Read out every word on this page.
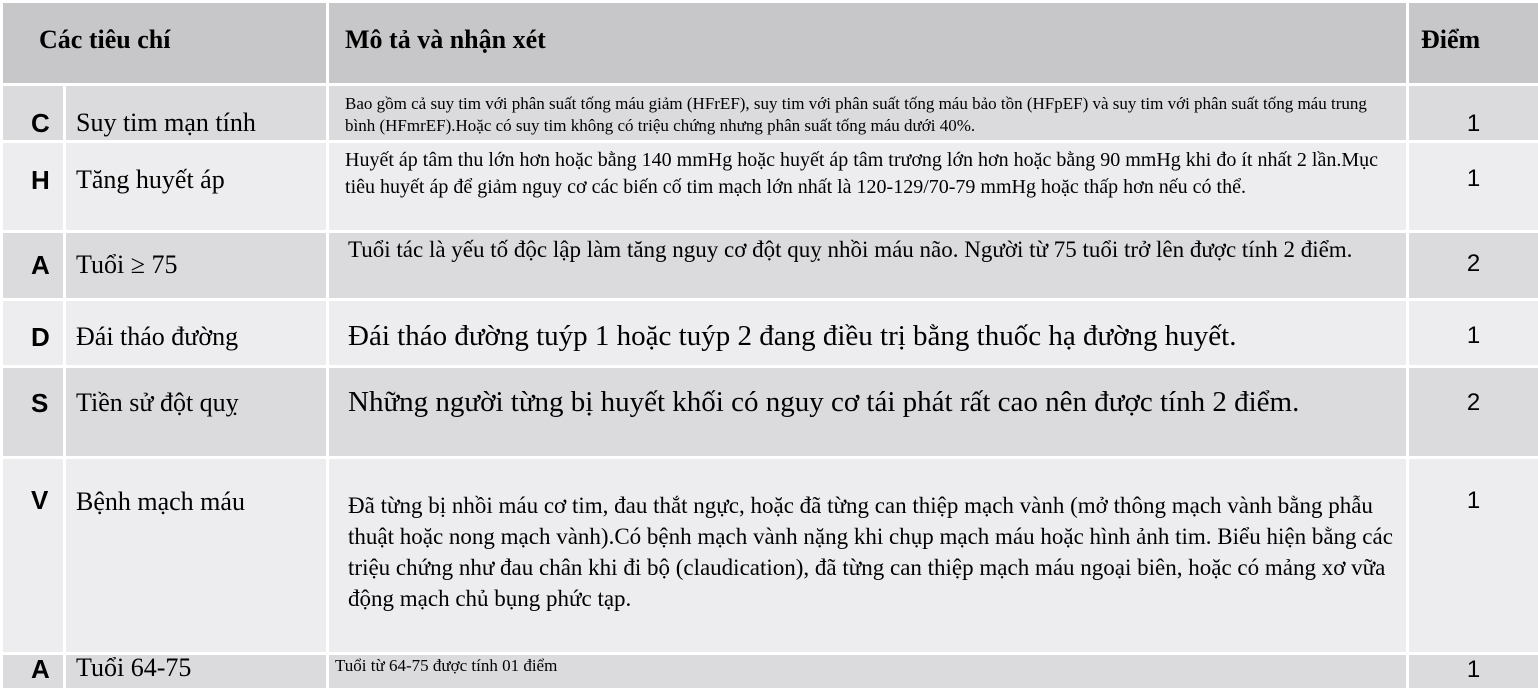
Các tiêu chí		Mô tả và nhận xét	Điểm
C	Suy tim mạn tính	Bao gồm cả suy tim với phân suất tống máu giảm (HFrEF), suy tim với phân suất tống máu bảo tồn (HFpEF) và suy tim với phân suất tống máu trung bình (HFmrEF).Hoặc có suy tim không có triệu chứng nhưng phân suất tống máu dưới 40%.	1
H	Tăng huyết áp	Huyết áp tâm thu lớn hơn hoặc bằng 140 mmHg hoặc huyết áp tâm trương lớn hơn hoặc bằng 90 mmHg khi đo ít nhất 2 lần.Mục tiêu huyết áp để giảm nguy cơ các biến cố tim mạch lớn nhất là 120-129/70-79 mmHg hoặc thấp hơn nếu có thể.	1
A	Tuổi ≥ 75	Tuổi tác là yếu tố độc lập làm tăng nguy cơ đột quỵ nhồi máu não. Người từ 75 tuổi trở lên được tính 2 điểm.	2
D	Đái tháo đường	Đái tháo đường tuýp 1 hoặc tuýp 2 đang điều trị bằng thuốc hạ đường huyết.	1
S	Tiền sử đột quỵ	Những người từng bị huyết khối có nguy cơ tái phát rất cao nên được tính 2 điểm.	2
V	Bệnh mạch máu	Đã từng bị nhồi máu cơ tim, đau thắt ngực, hoặc đã từng can thiệp mạch vành (mở thông mạch vành bằng phẫu thuật hoặc nong mạch vành).Có bệnh mạch vành nặng khi chụp mạch máu hoặc hình ảnh tim. Biểu hiện bằng các triệu chứng như đau chân khi đi bộ (claudication), đã từng can thiệp mạch máu ngoại biên, hoặc có mảng xơ vữa động mạch chủ bụng phức tạp.	1
A	Tuổi 64-75	Tuổi từ 64-75 được tính 01 điểm	1
